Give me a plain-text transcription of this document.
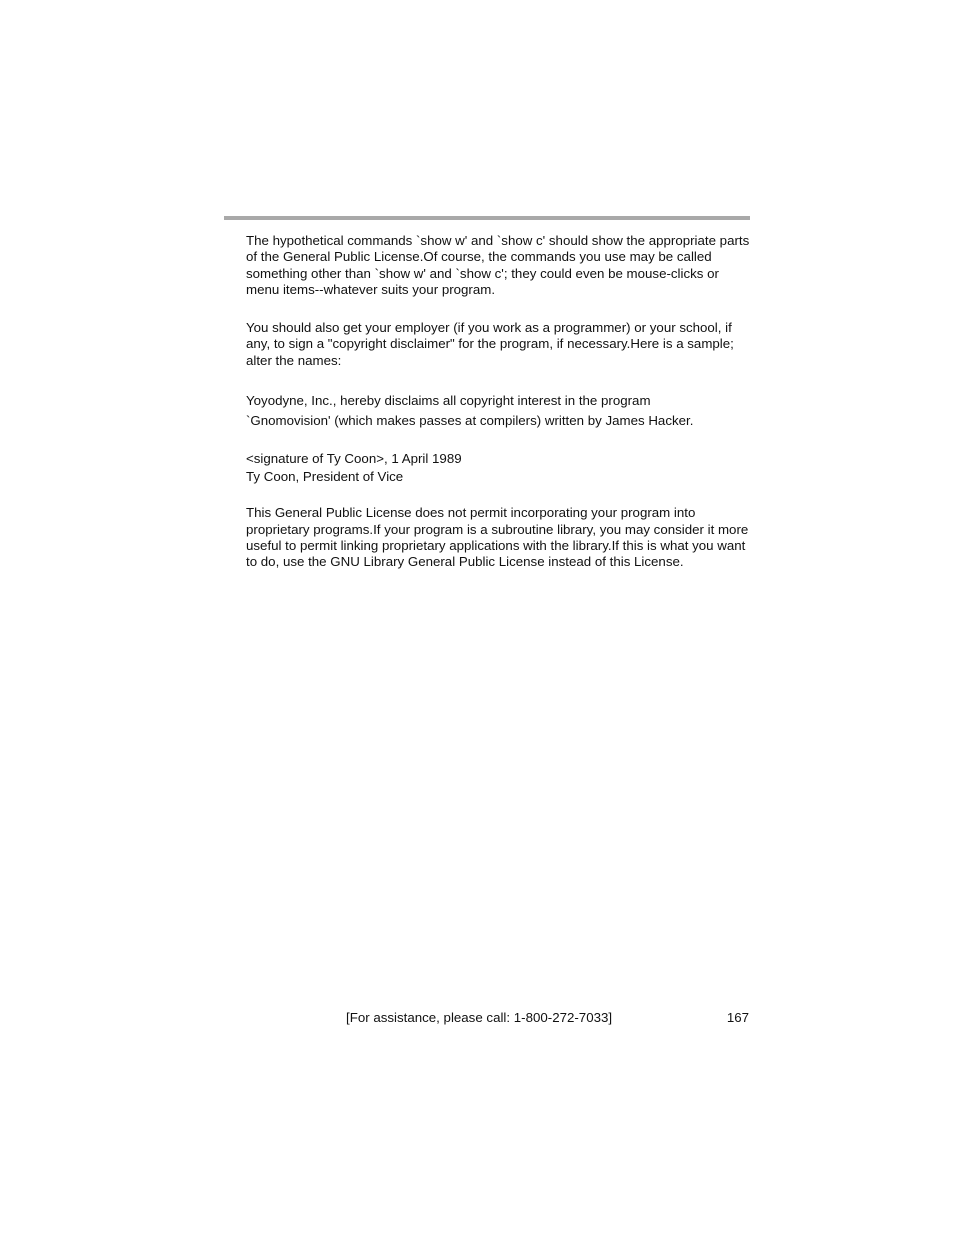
The hypothetical commands `show w' and `show c' should show the appropriate parts of the General Public License.Of course, the commands you use may be called something other than `show w' and `show c'; they could even be mouse-clicks or menu items--whatever suits your program.

You should also get your employer (if you work as a programmer) or your school, if any, to sign a "copyright disclaimer" for the program, if necessary.Here is a sample; alter the names:

Yoyodyne, Inc., hereby disclaims all copyright interest in the program
`Gnomovision' (which makes passes at compilers) written by James Hacker.
<signature of Ty Coon>, 1 April 1989
Ty Coon, President of Vice

This General Public License does not permit incorporating your program into proprietary programs.If your program is a subroutine library, you may consider it more useful to permit linking proprietary applications with the library.If this is what you want to do, use the GNU Library General Public License instead of this License.

[For assistance, please call: 1-800-272-7033]	167
